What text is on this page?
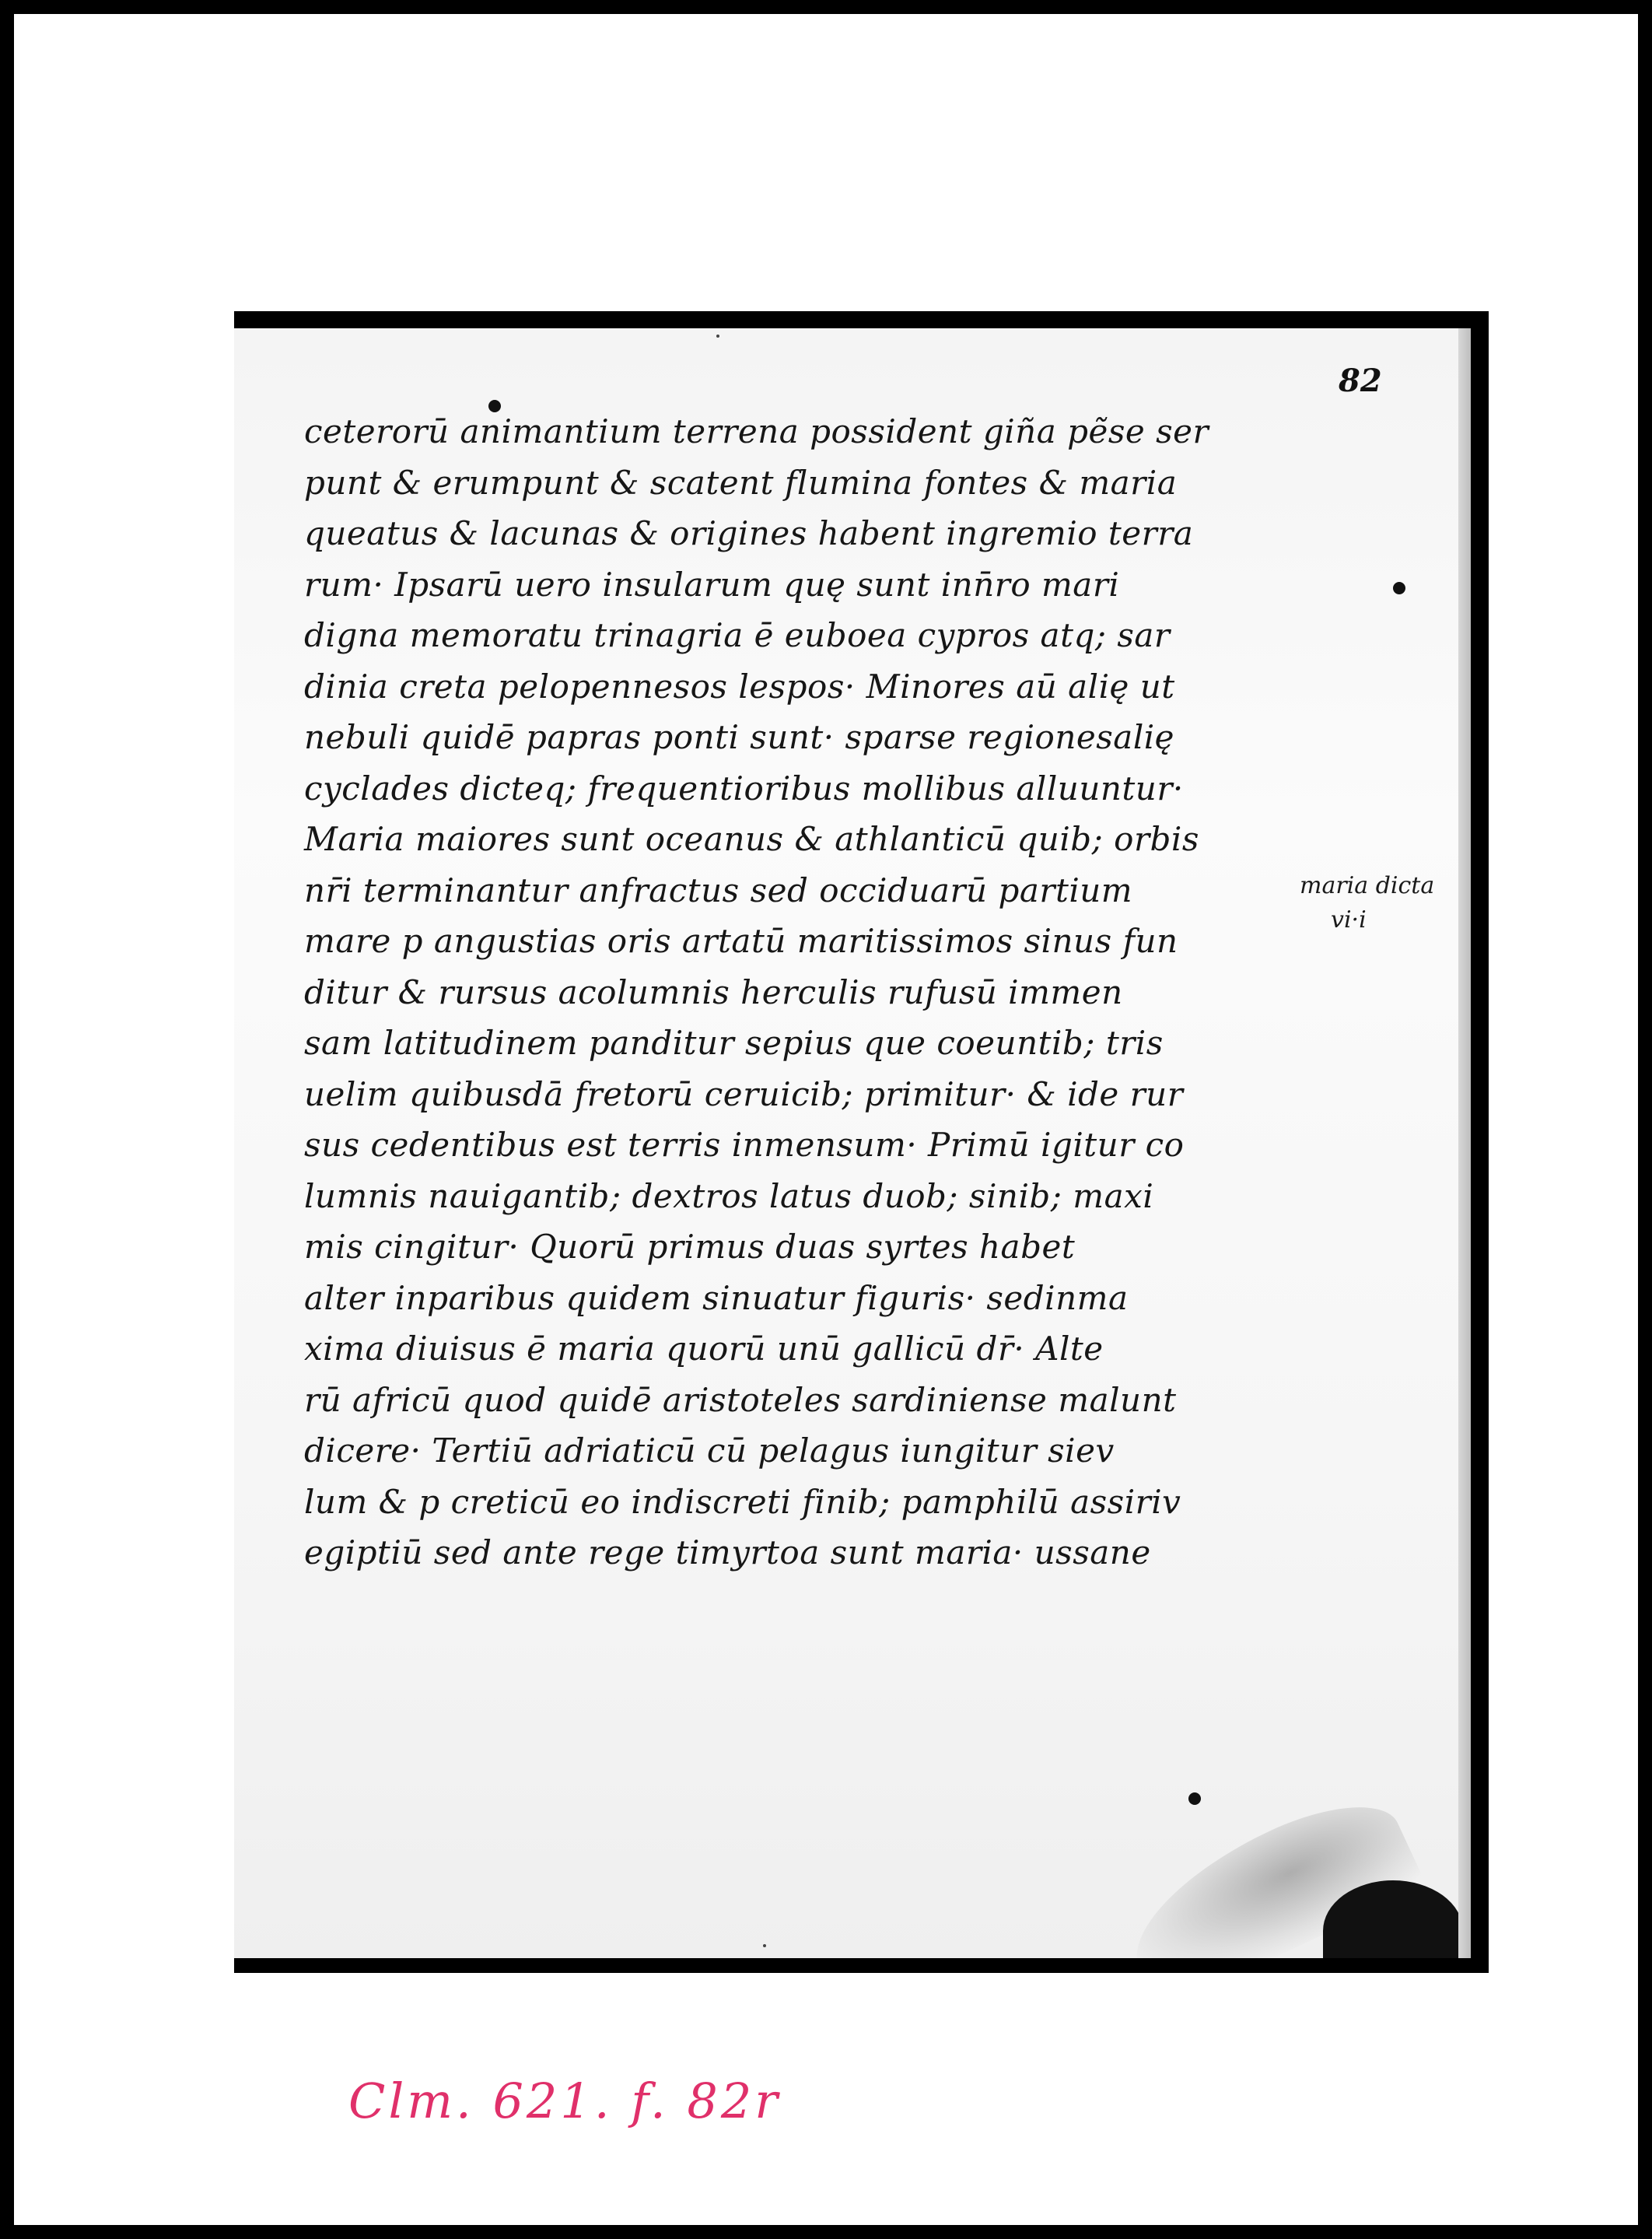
82
ceterorū animantium terrena possident giña pẽse ser
punt & erumpunt & scatent flumina fontes & maria
queatus & lacunas & origines habent ingremio terra
rum· Ipsarū uero insularum quę sunt inn̄ro mari
digna memoratu trinagria ē euboea cypros atq; sar
dinia creta pelopennesos lespos· Minores aū alię ut
nebuli quidē papras ponti sunt· sparse regionesalię
cyclades dicteq; frequentioribus mollibus alluuntur·
Maria maiores sunt oceanus & athlanticū quib; orbis
nr̄i terminantur anfractus sed occiduarū partium
mare p angustias oris artatū maritissimos sinus fun
ditur & rursus acolumnis herculis rufusū immen
sam latitudinem panditur sepius que coeuntib; tris
uelim quibusdā fretorū ceruicib; primitur· & ide rur
sus cedentibus est terris inmensum· Primū igitur co
lumnis nauigantib; dextros latus duob; sinib; maxi
mis cingitur· Quorū primus duas syrtes habet
alter inparibus quidem sinuatur figuris· sedinma
xima diuisus ē maria quorū unū gallicū dr̄· Alte
rū africū quod quidē aristoteles sardiniense malunt
dicere· Tertiū adriaticū cū pelagus iungitur siev
lum & p creticū eo indiscreti finib; pamphilū assiriv
egiptiū sed ante rege timyrtoa sunt maria· ussane
maria dicta
vi·i
Clm. 621. f. 82r
